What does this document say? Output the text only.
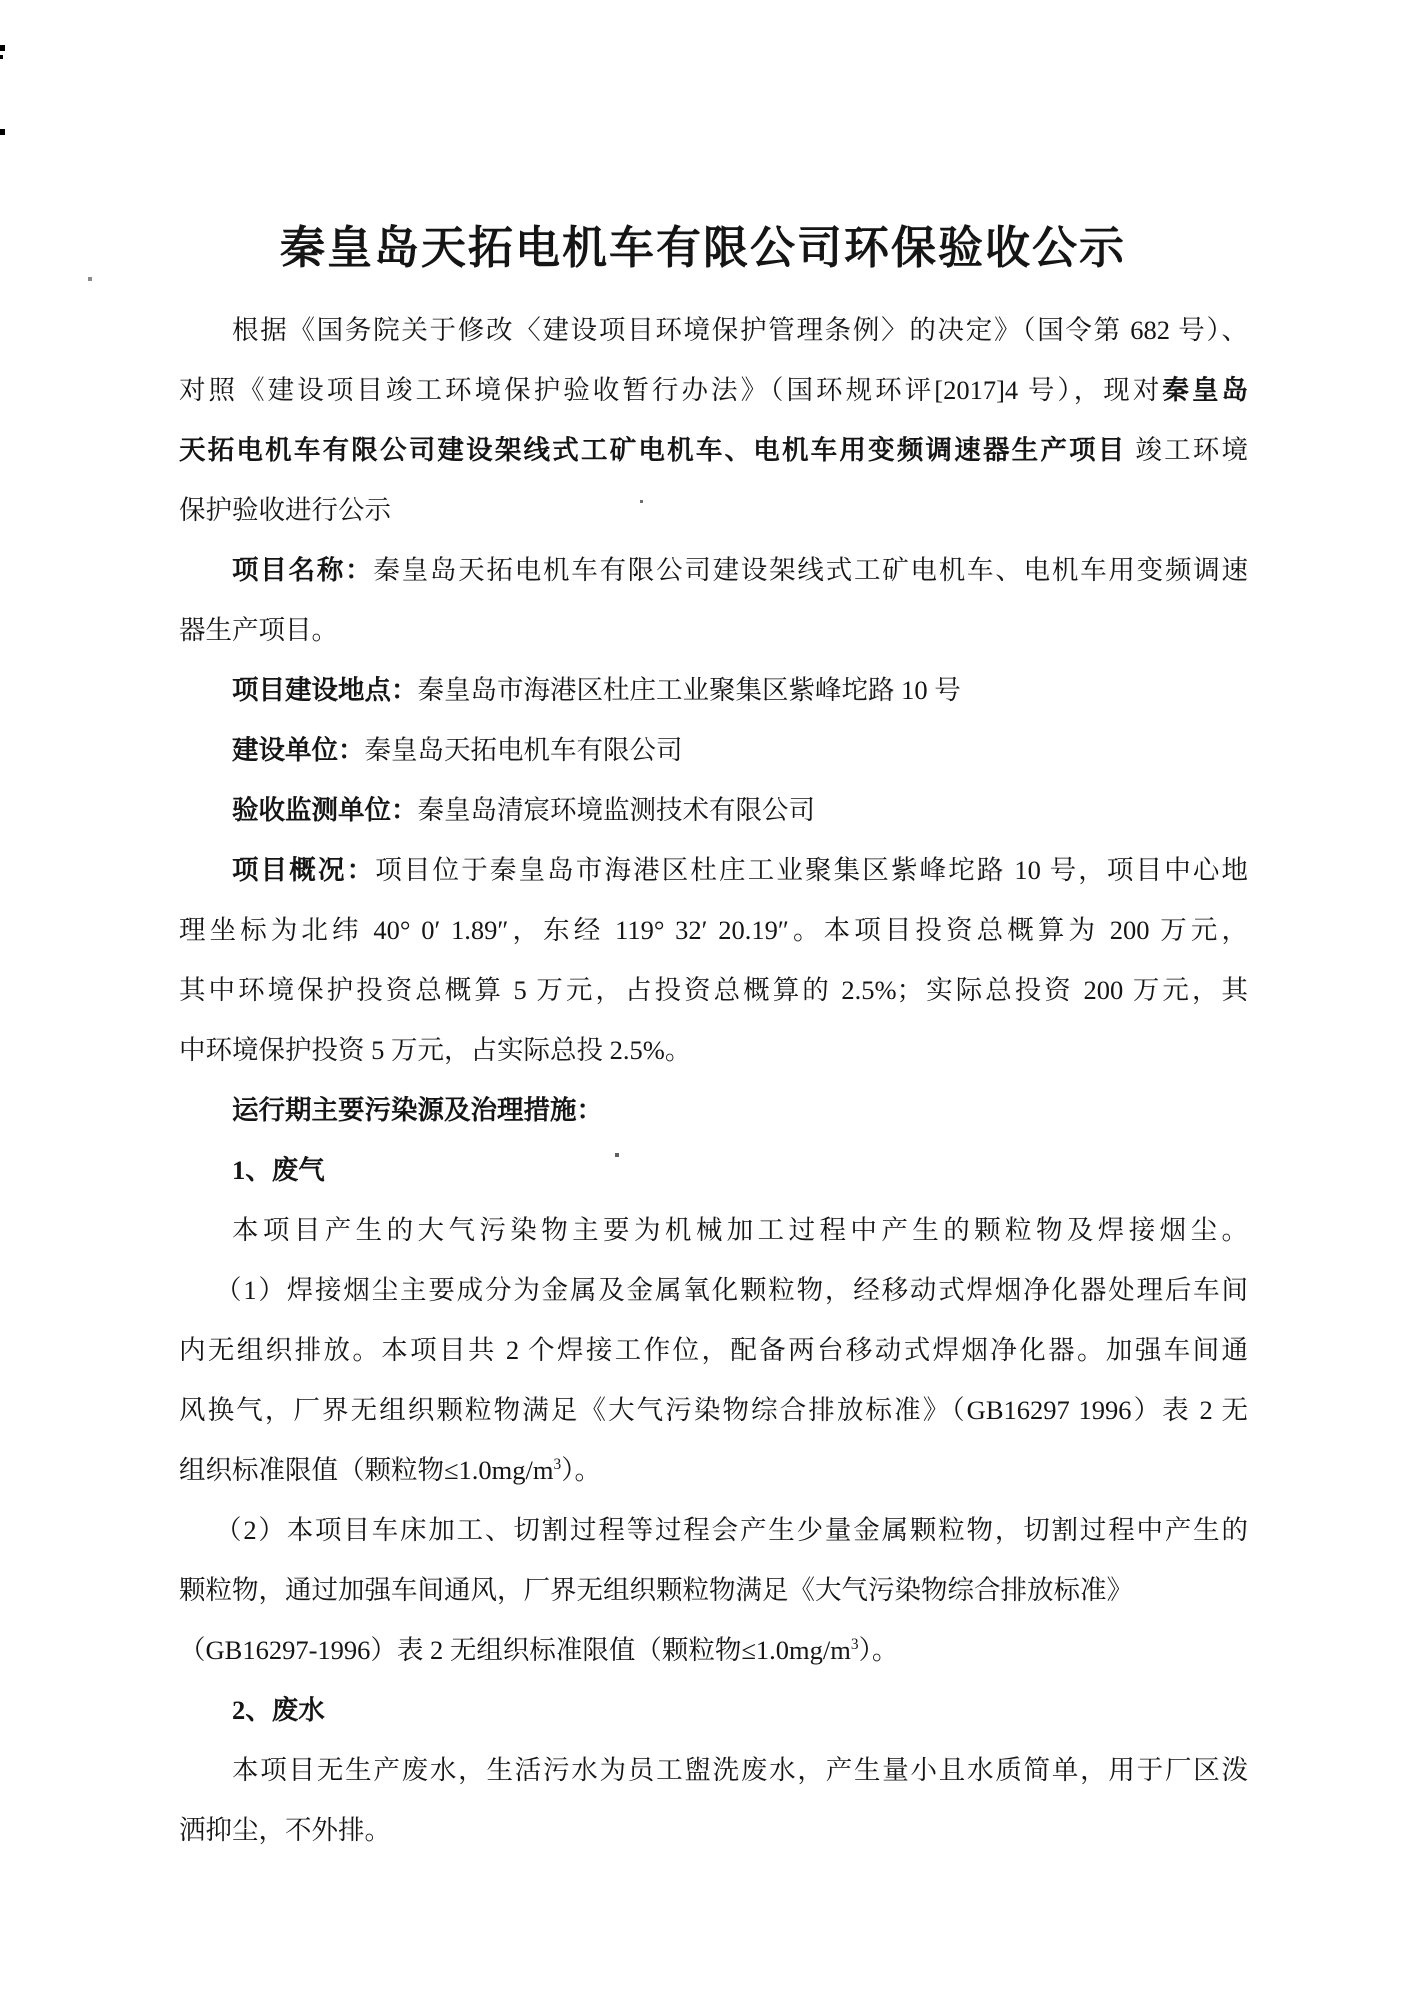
秦皇岛天拓电机车有限公司环保验收公示
根据《国务院关于修改〈建设项目环境保护管理条例〉的决定》（国令第 682 号）、
对照《建设项目竣工环境保护验收暂行办法》（国环规环评[2017]4 号），现对秦皇岛
天拓电机车有限公司建设架线式工矿电机车、电机车用变频调速器生产项目 竣工环境
保护验收进行公示
项目名称：秦皇岛天拓电机车有限公司建设架线式工矿电机车、电机车用变频调速
器生产项目。
项目建设地点：秦皇岛市海港区杜庄工业聚集区紫峰坨路 10 号
建设单位：秦皇岛天拓电机车有限公司
验收监测单位：秦皇岛清宸环境监测技术有限公司
项目概况：项目位于秦皇岛市海港区杜庄工业聚集区紫峰坨路 10 号，项目中心地
理坐标为北纬 40° 0′ 1.89″，东经 119° 32′ 20.19″。本项目投资总概算为 200 万元，
其中环境保护投资总概算 5 万元，占投资总概算的 2.5%；实际总投资 200 万元，其
中环境保护投资 5 万元，占实际总投 2.5%。
运行期主要污染源及治理措施：
1、废气
本项目产生的大气污染物主要为机械加工过程中产生的颗粒物及焊接烟尘。
（1）焊接烟尘主要成分为金属及金属氧化颗粒物，经移动式焊烟净化器处理后车间
内无组织排放。本项目共 2 个焊接工作位，配备两台移动式焊烟净化器。加强车间通
风换气，厂界无组织颗粒物满足《大气污染物综合排放标准》（GB16297 1996）表 2 无
组织标准限值（颗粒物$\le 1.0mg/m^3$）。
（2）本项目车床加工、切割过程等过程会产生少量金属颗粒物，切割过程中产生的
颗粒物，通过加强车间通风，厂界无组织颗粒物满足《大气污染物综合排放标准》
（GB16297-1996）表 2 无组织标准限值（颗粒物$\le 1.0mg/m^3$）。
2、废水
本项目无生产废水，生活污水为员工盥洗废水，产生量小且水质简单，用于厂区泼
洒抑尘，不外排。
